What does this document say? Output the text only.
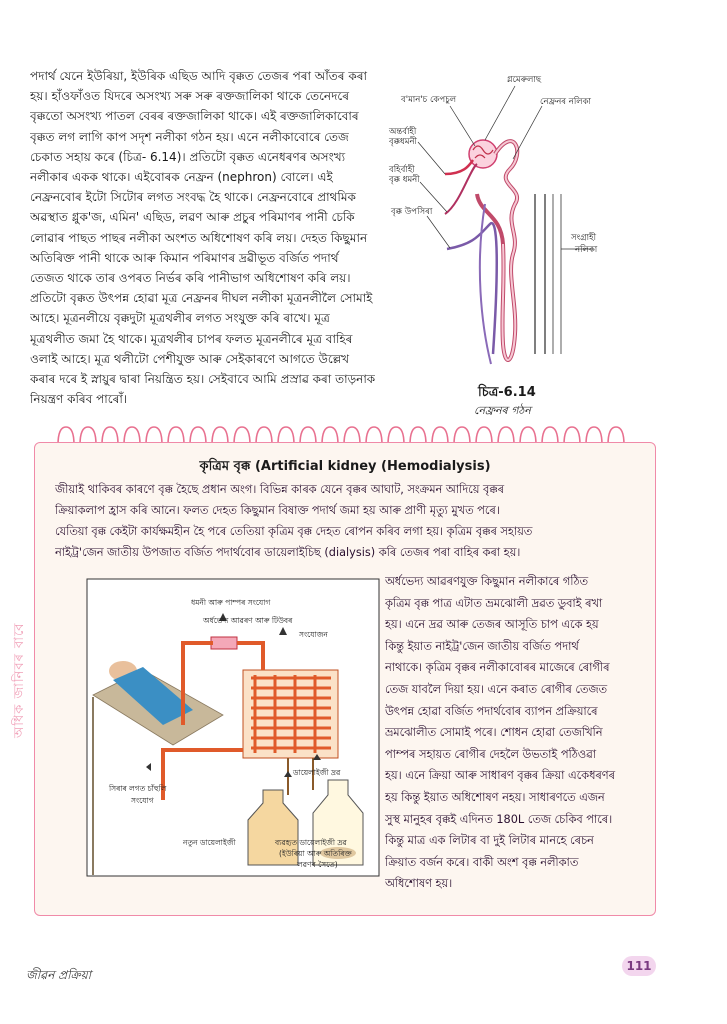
পদার্থ যেনে ইউৰিয়া, ইউৰিক এছিড আদি বৃক্কত তেজৰ পৰা আঁতৰ কৰা
হয়। হাঁওফাঁওত যিদৰে অসংখ্য সৰু সৰু ৰক্তজালিকা থাকে তেনেদৰে
বৃক্কতো অসংখ্য পাতল বেৰৰ ৰক্তজালিকা থাকে। এই ৰক্তজালিকাবোৰ
বৃক্কত লগ লাগি কাপ সদৃশ নলীকা গঠন হয়। এনে নলীকাবোৰে তেজ
চেকাত সহায় কৰে (চিত্ৰ- 6.14)। প্রতিটো বৃক্কত এনেধৰণৰ অসংখ্য
নলীকাৰ একক থাকে। এইবোৰক নেফ্ৰন (nephron) বোলে। এই
নেফ্ৰনবোৰ ইটো সিটোৰ লগত সংবদ্ধ হৈ থাকে। নেফ্ৰনবোৰে প্ৰাথমিক
অৱস্থাত গ্লুক'জ, এমিন' এছিড, লৱণ আৰু প্ৰচুৰ পৰিমাণৰ পানী চেকি
লোৱাৰ পাছত পাছৰ নলীকা অংশত অধিশোষণ কৰি লয়। দেহত কিছুমান
অতিৰিক্ত পানী থাকে আৰু কিমান পৰিমাণৰ দ্ৰৱীভূত বৰ্জিত পদাৰ্থ
তেজত থাকে তাৰ ওপৰত নিৰ্ভৰ কৰি পানীভাগ অধিশোষণ কৰি লয়।
প্ৰতিটো বৃক্কত উৎপন্ন হোৱা মূত্ৰ নেফ্ৰনৰ দীঘল নলীকা মূত্ৰনলীলৈ সোমাই
আহে। মূত্ৰনলীয়ে বৃক্কদুটা মূত্ৰথলীৰ লগত সংযুক্ত কৰি ৰাখে। মূত্ৰ
মূত্ৰথলীত জমা হৈ থাকে। মূত্ৰথলীৰ চাপৰ ফলত মূত্ৰনলীৰে মূত্ৰ বাহিৰ
ওলাই আহে। মূত্ৰ থলীটো পেশীযুক্ত আৰু সেইকাৰণে আগতে উল্লেখ
কৰাৰ দৰে ই স্নায়ুৰ দ্বাৰা নিয়ন্ত্ৰিত হয়। সেইবাবে আমি প্ৰস্ৰাৱ কৰা তাড়নাক
নিয়ন্ত্ৰণ কৰিব পাৰোঁ।
গ্লমেৰুলাছ
ব'মান'চ কেপচুল	নেফ্ৰনৰ নলিকা
অন্তৰ্বাহী বৃক্কধমনী
বহিৰ্বাহী বৃক্ক ধমনী
বৃক্ক উপসিৰা
সংগ্ৰাহী নলিকা
চিত্ৰ-6.14
নেফ্ৰনৰ গঠন
কৃত্ৰিম বৃক্ক (Artificial kidney (Hemodialysis)
জীয়াই থাকিবৰ কাৰণে বৃক্ক হৈছে প্ৰধান অংগ। বিভিন্ন কাৰক যেনে বৃক্কৰ আঘাট, সংক্ৰমন আদিয়ে বৃক্কৰ
ক্ৰিয়াকলাপ হ্ৰাস কৰি আনে। ফলত দেহত কিছুমান বিষাক্ত পদাৰ্থ জমা হয় আৰু প্ৰাণী মৃত্যু মুখত পৰে।
যেতিয়া বৃক্ক কেইটা কাৰ্যক্ষমহীন হৈ পৰে তেতিয়া কৃত্ৰিম বৃক্ক দেহত ৰোপন কৰিব লগা হয়। কৃত্ৰিম বৃক্কৰ সহায়ত
নাইট্ৰ'জেন জাতীয় উপজাত বৰ্জিত পদাৰ্থবোৰ ডায়েলাইচিছ (dialysis) কৰি তেজৰ পৰা বাহিৰ কৰা হয়।
ধমনী আৰু পাম্পৰ সংযোগ
অৰ্ধভেদ্য আৱৰণ আৰু টিউবৰ
সংযোজন
সিৰাৰ লগত চাঁহুলি
সংযোগ
ডায়েলাইজী দ্ৰৱ
নতুন ডায়েলাইজী	ব্যৱহৃত ডায়েলাইজী দ্ৰৱ
(ইউৰিয়া আৰু অতিৰিক্ত
লৱণৰ সৈতে)
অৰ্ধভেদ্য আৱৰণযুক্ত কিছুমান নলীকাৰে গঠিত
কৃত্ৰিম বৃক্ক পাত্ৰ এটাত ভ্ৰমঝোলী দ্ৰৱত ডুবাই ৰখা
হয়। এনে দ্ৰৱ আৰু তেজৰ আসূতি চাপ একে হয়
কিন্তু ইয়াত নাইট্ৰ'জেন জাতীয় বৰ্জিত পদাৰ্থ
নাথাকে। কৃত্ৰিম বৃক্কৰ নলীকাবোৰৰ মাজেৰে ৰোগীৰ
তেজ যাবলৈ দিয়া হয়। এনে কৰাত ৰোগীৰ তেজত
উৎপন্ন হোৱা বৰ্জিত পদাৰ্থবোৰ ব্যাপন প্ৰক্ৰিয়াৰে
ভ্ৰমঝোলীত সোমাই পৰে। শোধন হোৱা তেজখিনি
পাম্পৰ সহায়ত ৰোগীৰ দেহলৈ উভতাই পঠিওৱা
হয়। এনে ক্ৰিয়া আৰু সাধাৰণ বৃক্কৰ ক্ৰিয়া একেধৰণৰ
হয় কিন্তু ইয়াত অধিশোষণ নহয়। সাধাৰণতে এজন
সুস্থ মানুহৰ বৃক্কই এদিনত 180L তেজ চেকিব পাৰে।
কিন্তু মাত্ৰ এক লিটাৰ বা দুই লিটাৰ মানহে ৰেচন
ক্ৰিয়াত বৰ্জন কৰে। বাকী অংশ বৃক্ক নলীকাত
অধিশোষণ হয়।
অধিক জানিবৰ বাবে
জীৱন প্ৰক্ৰিয়া
111
